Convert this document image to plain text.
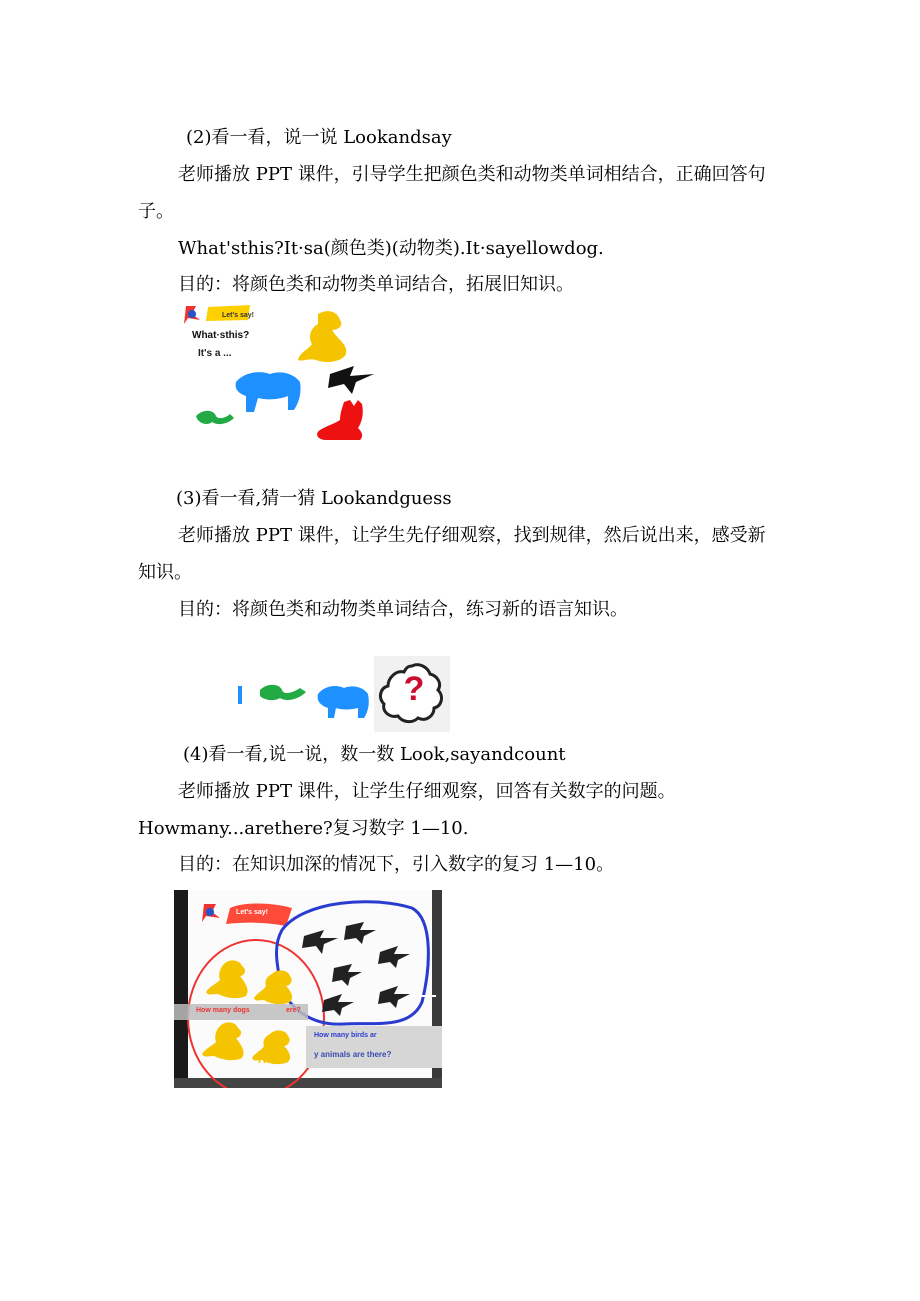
(2)看一看，说一说 Lookandsay
老师播放 PPT 课件，引导学生把颜色类和动物类单词相结合，正确回答句
子。
What'sthis?It·sa(颜色类)(动物类).It·sayellowdog.
目的：将颜色类和动物类单词结合，拓展旧知识。
Let's say!
What·sthis?
It's a ...
(3)看一看,猜一猜 Lookandguess
老师播放 PPT 课件，让学生先仔细观察，找到规律，然后说出来，感受新
知识。
目的：将颜色类和动物类单词结合，练习新的语言知识。
?
(4)看一看,说一说，数一数 Look,sayandcount
老师播放 PPT 课件，让学生仔细观察，回答有关数字的问题。
Howmany...arethere?复习数字 1—10.
目的：在知识加深的情况下，引入数字的复习 1—10。
Let's say!
How many dogs	ere?
How many birds ar
y animals are there?
How
